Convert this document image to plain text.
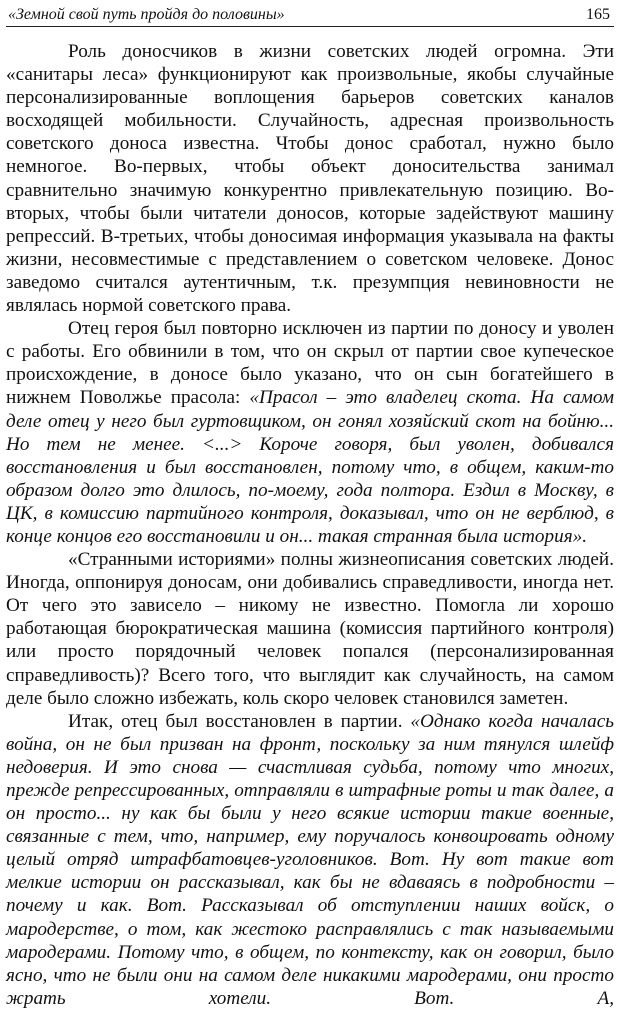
«Земной свой путь пройдя до половины»	165

Роль доносчиков в жизни советских людей огромна. Эти «санитары леса» функционируют как произвольные, якобы случайные персонализированные воплощения барьеров советских каналов восходящей мобильности. Случайность, адресная произвольность советского доноса известна. Чтобы донос сработал, нужно было немногое. Во-первых, чтобы объект доносительства занимал сравнительно значимую конкурентно привлекательную позицию. Во-вторых, чтобы были читатели доносов, которые задействуют машину репрессий. В-третьих, чтобы доносимая информация указывала на факты жизни, несовместимые с представлением о советском человеке. Донос заведомо считался аутентичным, т.к. презумпция невиновности не являлась нормой советского права.

Отец героя был повторно исключен из партии по доносу и уволен с работы. Его обвинили в том, что он скрыл от партии свое купеческое происхождение, в доносе было указано, что он сын богатейшего в нижнем Поволжье прасола: «Прасол – это владелец скота. На самом деле отец у него был гуртовщиком, он гонял хозяйский скот на бойню... Но тем не менее. <...> Короче говоря, был уволен, добивался восстановления и был восстановлен, потому что, в общем, каким-то образом долго это длилось, по-моему, года полтора. Ездил в Москву, в ЦК, в комиссию партийного контроля, доказывал, что он не верблюд, в конце концов его восстановили и он... такая странная была история».

«Странными историями» полны жизнеописания советских людей. Иногда, оппонируя доносам, они добивались справедливости, иногда нет. От чего это зависело – никому не известно. Помогла ли хорошо работающая бюрократическая машина (комиссия партийного контроля) или просто порядочный человек попался (персонализированная справедливость)? Всего того, что выглядит как случайность, на самом деле было сложно избежать, коль скоро человек становился заметен.

Итак, отец был восстановлен в партии. «Однако когда началась война, он не был призван на фронт, поскольку за ним тянулся шлейф недоверия. И это снова — счастливая судьба, потому что многих, прежде репрессированных, отправляли в штрафные роты и так далее, а он просто... ну как бы были у него всякие истории такие военные, связанные с тем, что, например, ему поручалось конвоировать одному целый отряд штрафбатовцев-уголовников. Вот. Ну вот такие вот мелкие истории он рассказывал, как бы не вдаваясь в подробности – почему и как. Вот. Рассказывал об отступлении наших войск, о мародерстве, о том, как жестоко расправлялись с так называемыми мародерами. Потому что, в общем, по контексту, как он говорил, было ясно, что не были они на самом деле никакими мародерами, они просто жрать хотели. Вот. А,
